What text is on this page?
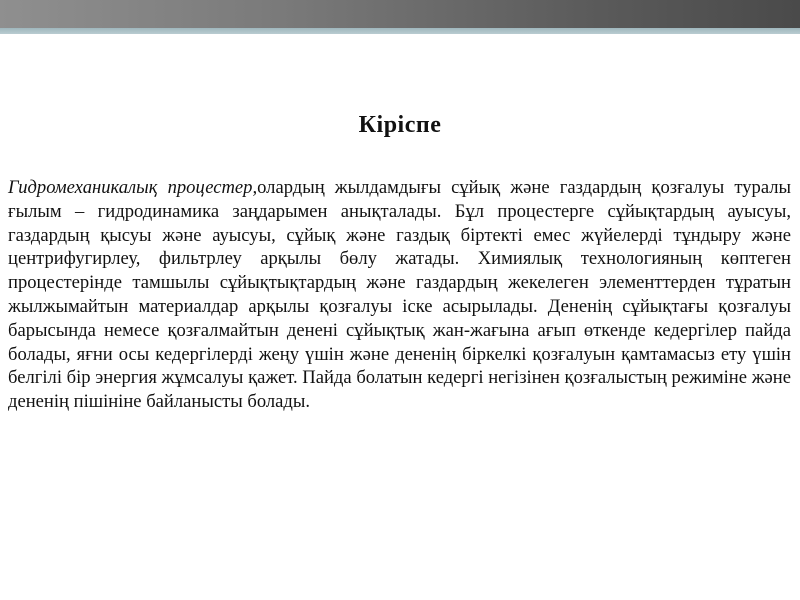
Кіріспе
Гидромеханикалық процестер,олардың жылдамдығы сұйық және газдардың қозғалуы туралы ғылым – гидродинамика заңдарымен анықталады. Бұл процестерге сұйықтардың ауысуы, газдардың қысуы және ауысуы, сұйық және газдық біртекті емес жүйелерді тұндыру және центрифугирлеу, фильтрлеу арқылы бөлу жатады. Химиялық технологияның көптеген процестерінде тамшылы сұйықтықтардың және газдардың жекелеген элементтерден тұратын жылжымайтын материалдар арқылы қозғалуы іске асырылады. Дененің сұйықтағы қозғалуы барысында немесе қозғалмайтын денені сұйықтық жан-жағына ағып өткенде кедергілер пайда болады, яғни осы кедергілерді жеңу үшін және дененің біркелкі қозғалуын қамтамасыз ету үшін белгілі бір энергия жұмсалуы қажет. Пайда болатын кедергі негізінен қозғалыстың режиміне және дененің пішініне байланысты болады.
